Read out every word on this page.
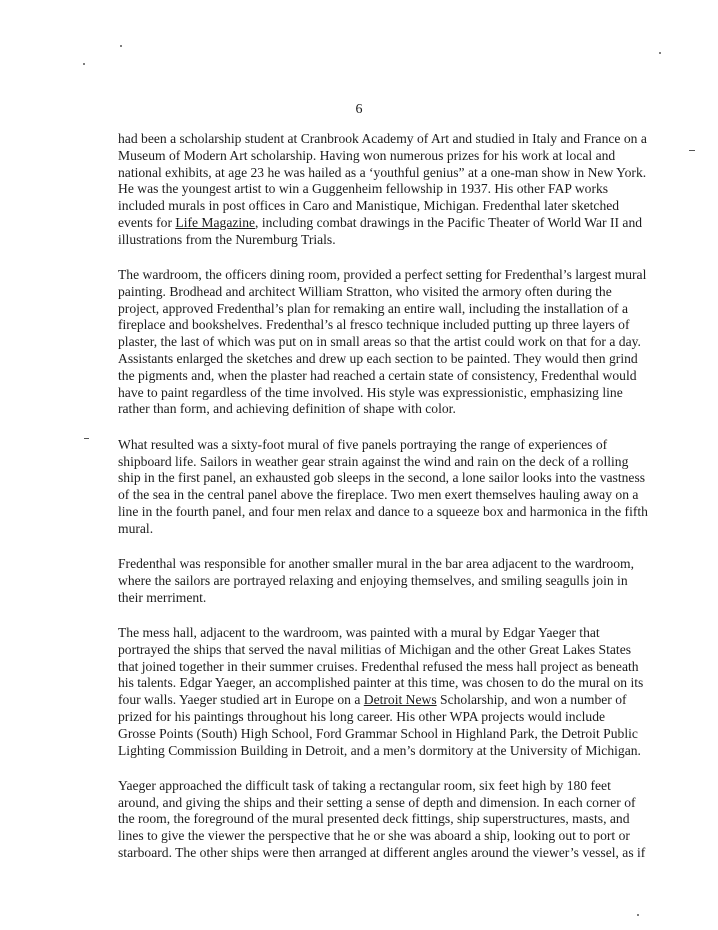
6
had been a scholarship student at Cranbrook Academy of Art and studied in Italy and France on a
Museum of Modern Art scholarship. Having won numerous prizes for his work at local and
national exhibits, at age 23 he was hailed as a ‘youthful genius” at a one-man show in New York.
He was the youngest artist to win a Guggenheim fellowship in 1937. His other FAP works
included murals in post offices in Caro and Manistique, Michigan. Fredenthal later sketched
events for Life Magazine, including combat drawings in the Pacific Theater of World War II and
illustrations from the Nuremburg Trials.
The wardroom, the officers dining room, provided a perfect setting for Fredenthal’s largest mural
painting. Brodhead and architect William Stratton, who visited the armory often during the
project, approved Fredenthal’s plan for remaking an entire wall, including the installation of a
fireplace and bookshelves. Fredenthal’s al fresco technique included putting up three layers of
plaster, the last of which was put on in small areas so that the artist could work on that for a day.
Assistants enlarged the sketches and drew up each section to be painted. They would then grind
the pigments and, when the plaster had reached a certain state of consistency, Fredenthal would
have to paint regardless of the time involved. His style was expressionistic, emphasizing line
rather than form, and achieving definition of shape with color.
What resulted was a sixty-foot mural of five panels portraying the range of experiences of
shipboard life. Sailors in weather gear strain against the wind and rain on the deck of a rolling
ship in the first panel, an exhausted gob sleeps in the second, a lone sailor looks into the vastness
of the sea in the central panel above the fireplace. Two men exert themselves hauling away on a
line in the fourth panel, and four men relax and dance to a squeeze box and harmonica in the fifth
mural.
Fredenthal was responsible for another smaller mural in the bar area adjacent to the wardroom,
where the sailors are portrayed relaxing and enjoying themselves, and smiling seagulls join in
their merriment.
The mess hall, adjacent to the wardroom, was painted with a mural by Edgar Yaeger that
portrayed the ships that served the naval militias of Michigan and the other Great Lakes States
that joined together in their summer cruises. Fredenthal refused the mess hall project as beneath
his talents. Edgar Yaeger, an accomplished painter at this time, was chosen to do the mural on its
four walls. Yaeger studied art in Europe on a Detroit News Scholarship, and won a number of
prized for his paintings throughout his long career. His other WPA projects would include
Grosse Points (South) High School, Ford Grammar School in Highland Park, the Detroit Public
Lighting Commission Building in Detroit, and a men’s dormitory at the University of Michigan.
Yaeger approached the difficult task of taking a rectangular room, six feet high by 180 feet
around, and giving the ships and their setting a sense of depth and dimension. In each corner of
the room, the foreground of the mural presented deck fittings, ship superstructures, masts, and
lines to give the viewer the perspective that he or she was aboard a ship, looking out to port or
starboard. The other ships were then arranged at different angles around the viewer’s vessel, as if
